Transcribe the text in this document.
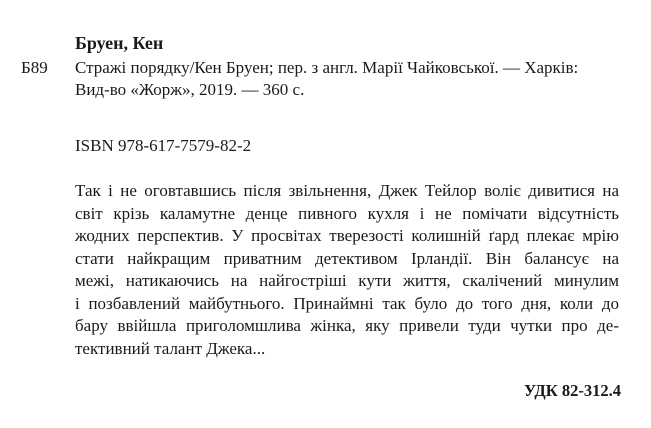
Бруен, Кен
Б89 Стражі порядку/Кен Бруен; пер. з англ. Марії Чайковської. — Харків:
Вид-во «Жорж», 2019. — 360 с.
ISBN 978-617-7579-82-2
Так і не оговтавшись після звільнення, Джек Тейлор воліє дивитися на
світ крізь каламутне денце пивного кухля і не помічати відсутність
жодних перспектив. У просвітах тверезості колишній ґард плекає мрію
стати найкращим приватним детективом Ірландії. Він балансує на
межі, натикаючись на найгостріші кути життя, скалічений минулим
і позбавлений майбутнього. Принаймні так було до того дня, коли до
бару ввійшла приголомшлива жінка, яку привели туди чутки про де-
тективний талант Джека...
УДК 82-312.4
